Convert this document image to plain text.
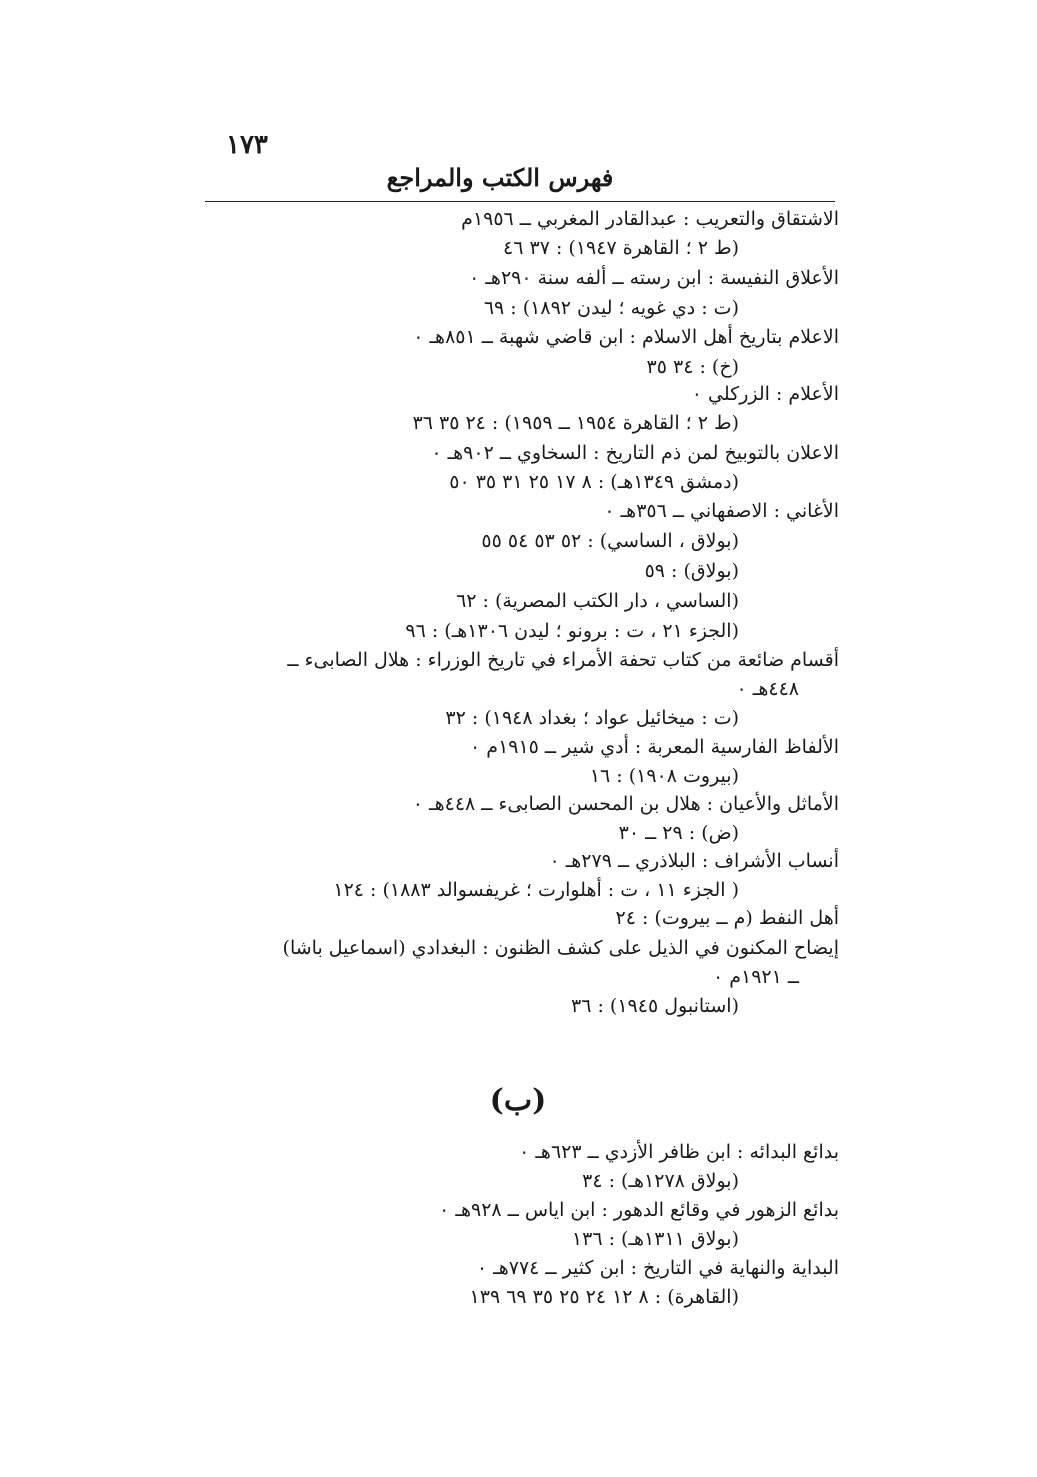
١٧٣
فهرس الكتب والمراجع
الاشتقاق والتعريب : عبدالقادر المغربي ــ ١٩٥٦م
(ط ٢ ؛ القاهرة ١٩٤٧) : ٣٧ ٤٦
الأعلاق النفيسة : ابن رسته ــ ألفه سنة ٢٩٠هـ ٠
(ت : دي غويه ؛ ليدن ١٨٩٢) : ٦٩
الاعلام بتاريخ أهل الاسلام : ابن قاضي شهبة ــ ٨٥١هـ ٠
(خ) : ٣٤ ٣٥
الأعلام : الزركلي ٠
(ط ٢ ؛ القاهرة ١٩٥٤ ــ ١٩٥٩) : ٢٤ ٣٥ ٣٦
الاعلان بالتوبيخ لمن ذم التاريخ : السخاوي ــ ٩٠٢هـ ٠
(دمشق ١٣٤٩هـ) : ٨ ١٧ ٢٥ ٣١ ٣٥ ٥٠
الأغاني : الاصفهاني ــ ٣٥٦هـ ٠
(بولاق ، الساسي) : ٥٢ ٥٣ ٥٤ ٥٥
(بولاق) : ٥٩
(الساسي ، دار الكتب المصرية) : ٦٢
(الجزء ٢١ ، ت : برونو ؛ ليدن ١٣٠٦هـ) : ٩٦
أقسام ضائعة من كتاب تحفة الأمراء في تاريخ الوزراء : هلال الصابىء ــ
٤٤٨هـ ٠
(ت : ميخائيل عواد ؛ بغداد ١٩٤٨) : ٣٢
الألفاظ الفارسية المعربة : أدي شير ــ ١٩١٥م ٠
(بيروت ١٩٠٨) : ١٦
الأماثل والأعيان : هلال بن المحسن الصابىء ــ ٤٤٨هـ ٠
(ض) : ٢٩ ــ ٣٠
أنساب الأشراف : البلاذري ــ ٢٧٩هـ ٠
( الجزء ١١ ، ت : أهلوارت ؛ غريفسوالد ١٨٨٣) : ١٢٤
أهل النفط (م ــ بيروت) : ٢٤
إيضاح المكنون في الذيل على كشف الظنون : البغدادي (اسماعيل باشا)
ــ ١٩٢١م ٠
(استانبول ١٩٤٥) : ٣٦
(ب)
بدائع البدائه : ابن ظافر الأزدي ــ ٦٢٣هـ ٠
(بولاق ١٢٧٨هـ) : ٣٤
بدائع الزهور في وقائع الدهور : ابن اياس ــ ٩٢٨هـ ٠
(بولاق ١٣١١هـ) : ١٣٦
البداية والنهاية في التاريخ : ابن كثير ــ ٧٧٤هـ ٠
(القاهرة) : ٨ ١٢ ٢٤ ٢٥ ٣٥ ٦٩ ١٣٩
